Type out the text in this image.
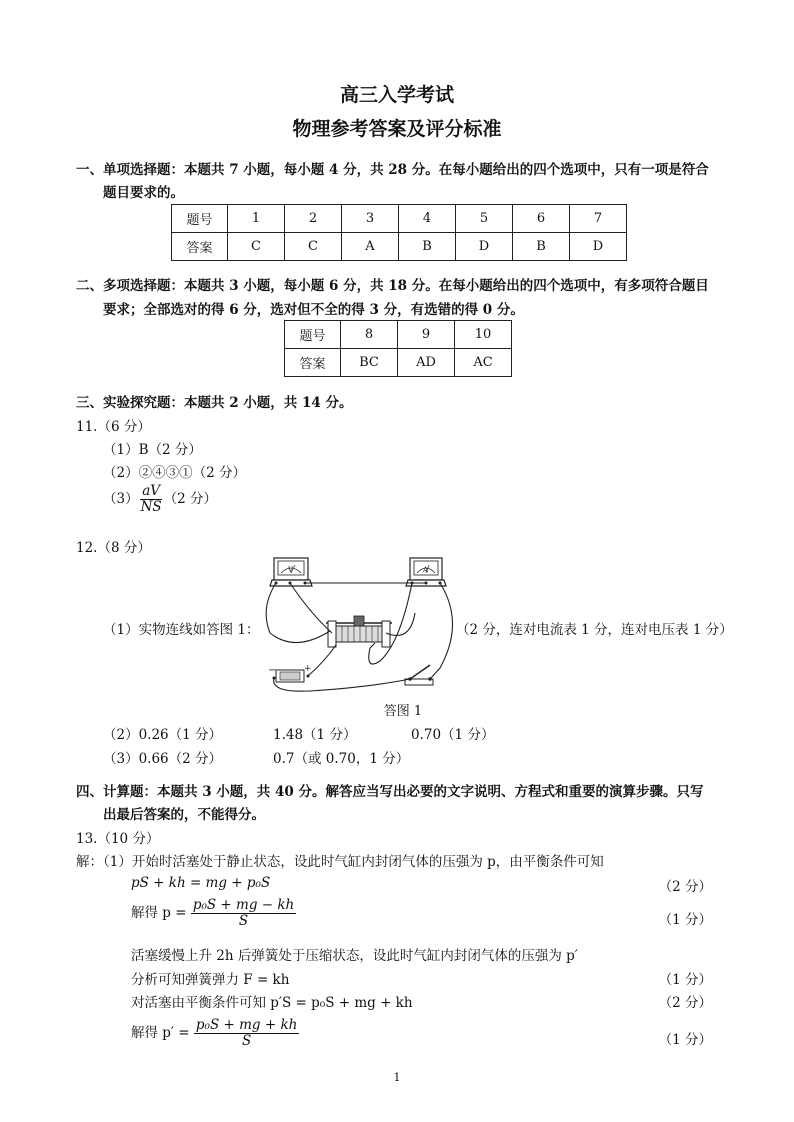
高三入学考试
物理参考答案及评分标准
一、单项选择题：本题共 7 小题，每小题 4 分，共 28 分。在每小题给出的四个选项中，只有一项是符合
题目要求的。
题号	1	2	3	4	5	6	7
答案	C	C	A	B	D	B	D
二、多项选择题：本题共 3 小题，每小题 6 分，共 18 分。在每小题给出的四个选项中，有多项符合题目
要求；全部选对的得 6 分，选对但不全的得 3 分，有选错的得 0 分。
题号	8	9	10
答案	BC	AD	AC
三、实验探究题：本题共 2 小题，共 14 分。
11.（6 分）
（1）B（2 分）
（2）②④③①（2 分）
$(3) \frac{aV}{NS} (2$ 分）
12.（8 分）
（1）实物连线如答图 1：	（2 分，连对电流表 1 分，连对电压表 1 分）
V	A
−	+
答图 1
（2）0.26（1 分）	1.48（1 分）	0.70（1 分）
（3）0.66（2 分）	0.7（或 0.70，1 分）
四、计算题：本题共 3 小题，共 40 分。解答应当写出必要的文字说明、方程式和重要的演算步骤。只写
出最后答案的，不能得分。
13.（10 分）
解：（1）开始时活塞处于静止状态，设此时气缸内封闭气体的压强为 p，由平衡条件可知
pS + kh = mg + p₀S	（2 分）
解得 $p = \frac{\text{p₀S + mg − kh}}{S}$	（1 分）
活塞缓慢上升 2h 后弹簧处于压缩状态，设此时气缸内封闭气体的压强为 p′
分析可知弹簧弹力 F = kh	（1 分）
对活塞由平衡条件可知 p′S = p₀S + mg + kh	（2 分）
解得 $p' = \frac{\text{p₀S + mg + kh}}{S}$	（1 分）
1
